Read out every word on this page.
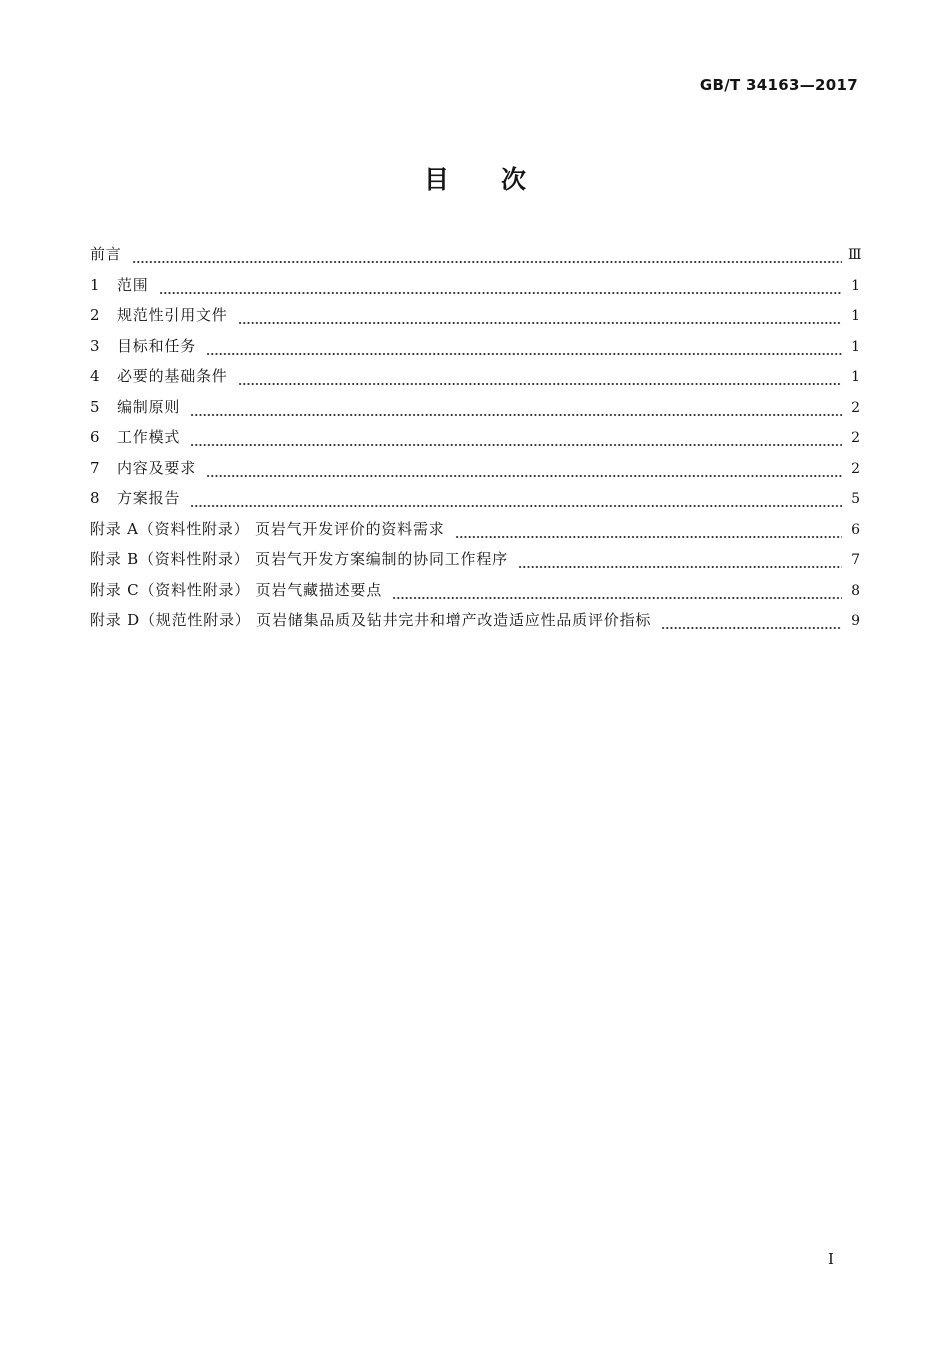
GB/T 34163—2017
目次
前言	Ⅲ
1	范围	1
2	规范性引用文件	1
3	目标和任务	1
4	必要的基础条件	1
5	编制原则	2
6	工作模式	2
7	内容及要求	2
8	方案报告	5
附录 A（资料性附录） 页岩气开发评价的资料需求	6
附录 B（资料性附录） 页岩气开发方案编制的协同工作程序	7
附录 C（资料性附录） 页岩气藏描述要点	8
附录 D（规范性附录） 页岩储集品质及钻井完井和增产改造适应性品质评价指标	9
I
